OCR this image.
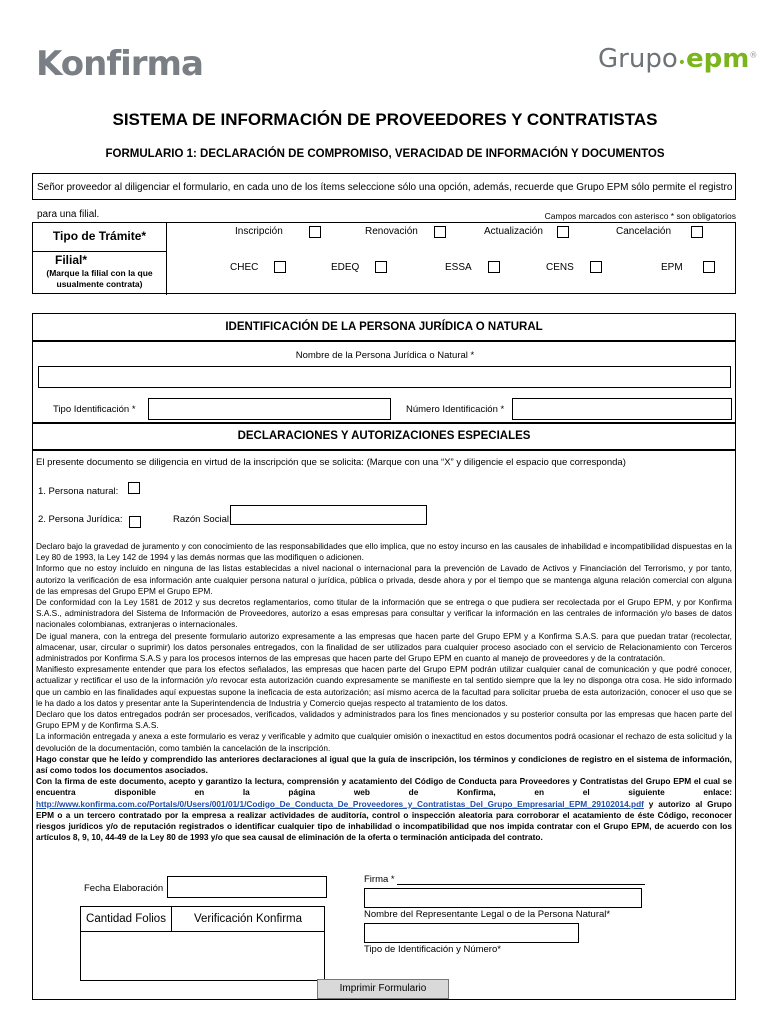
Konfirma	Grupo•epm®
SISTEMA DE INFORMACIÓN DE PROVEEDORES Y CONTRATISTAS
FORMULARIO 1: DECLARACIÓN DE COMPROMISO, VERACIDAD DE INFORMACIÓN Y DOCUMENTOS
Señor proveedor al diligenciar el formulario, en cada uno de los ítems seleccione sólo una opción, además, recuerde que Grupo EPM sólo permite el registro para una filial.	Campos marcados con asterisco * son obligatorios
Tipo de Trámite*
Filial*
(Marque la filial con la que
usualmente contrata)
Inscripción	Renovación	Actualización	Cancelación
CHEC	EDEQ	ESSA	CENS	EPM
IDENTIFICACIÓN DE LA PERSONA JURÍDICA O NATURAL
Nombre de la Persona Jurídica o Natural *
Tipo Identificación *	Número Identificación *
DECLARACIONES Y AUTORIZACIONES ESPECIALES
El presente documento se diligencia en virtud de la inscripción que se solicita: (Marque con una “X” y diligencie el espacio que corresponda)
1. Persona natural:
2. Persona Jurídica:	Razón Social:

Declaro bajo la gravedad de juramento y con conocimiento de las responsabilidades que ello implica, que no estoy incurso en las causales de inhabilidad e incompatibilidad dispuestas en la Ley 80 de 1993, la Ley 142 de 1994 y las demás normas que las modifiquen o adicionen.

Informo que no estoy incluido en ninguna de las listas establecidas a nivel nacional o internacional para la prevención de Lavado de Activos y Financiación del Terrorismo, y por tanto, autorizo la verificación de esa información ante cualquier persona natural o jurídica, pública o privada, desde ahora y por el tiempo que se mantenga alguna relación comercial con alguna de las empresas del Grupo EPM el Grupo EPM.

De conformidad con la Ley 1581 de 2012 y sus decretos reglamentarios, como titular de la información que se entrega o que pudiera ser recolectada por el Grupo EPM, y por Konfirma S.A.S., administradora del Sistema de Información de Proveedores, autorizo a esas empresas para consultar y verificar la información en las centrales de información y/o bases de datos nacionales colombianas, extranjeras o internacionales.

De igual manera, con la entrega del presente formulario autorizo expresamente a las empresas que hacen parte del Grupo EPM y a Konfirma S.A.S. para que puedan tratar (recolectar, almacenar, usar, circular o suprimir) los datos personales entregados, con la finalidad de ser utilizados para cualquier proceso asociado con el servicio de Relacionamiento con Terceros administrados por Konfirma S.A.S y para los procesos internos de las empresas que hacen parte del Grupo EPM en cuanto al manejo de proveedores y de la contratación.

Manifiesto expresamente entender que para los efectos señalados, las empresas que hacen parte del Grupo EPM podrán utilizar cualquier canal de comunicación y que podré conocer, actualizar y rectificar el uso de la información y/o revocar esta autorización cuando expresamente se manifieste en tal sentido siempre que la ley no disponga otra cosa. He sido informado que un cambio en las finalidades aquí expuestas supone la ineficacia de esta autorización; así mismo acerca de la facultad para solicitar prueba de esta autorización, conocer el uso que se le ha dado a los datos y presentar ante la Superintendencia de Industria y Comercio quejas respecto al tratamiento de los datos.

Declaro que los datos entregados podrán ser procesados, verificados, validados y administrados para los fines mencionados y su posterior consulta por las empresas que hacen parte del Grupo EPM y de Konfirma S.A.S.

La información entregada y anexa a este formulario es veraz y verificable y admito que cualquier omisión o inexactitud en estos documentos podrá ocasionar el rechazo de esta solicitud y la devolución de la documentación, como también la cancelación de la inscripción.

Hago constar que he leído y comprendido las anteriores declaraciones al igual que la guía de inscripción, los términos y condiciones de registro en el sistema de información, así como todos los documentos asociados.

Con la firma de este documento, acepto y garantizo la lectura, comprensión y acatamiento del Código de Conducta para Proveedores y Contratistas del Grupo EPM el cual se encuentra disponible en la página web de Konfirma, en el siguiente enlace: http://www.konfirma.com.co/Portals/0/Users/001/01/1/Codigo_De_Conducta_De_Proveedores_y_Contratistas_Del_Grupo_Empresarial_EPM_29102014.pdf y autorizo al Grupo EPM o a un tercero contratado por la empresa a realizar actividades de auditoría, control o inspección aleatoria para corroborar el acatamiento de éste Código, reconocer riesgos jurídicos y/o de reputación registrados o identificar cualquier tipo de inhabilidad o incompatibilidad que nos impida contratar con el Grupo EPM, de acuerdo con los artículos 8, 9, 10, 44-49 de la Ley 80 de 1993 y/o que sea causal de eliminación de la oferta o terminación anticipada del contrato.

Fecha Elaboración
Cantidad Folios	Verificación Konfirma
Firma *
Nombre del Representante Legal o de la Persona Natural*
Tipo de Identificación y Número*
Imprimir Formulario
